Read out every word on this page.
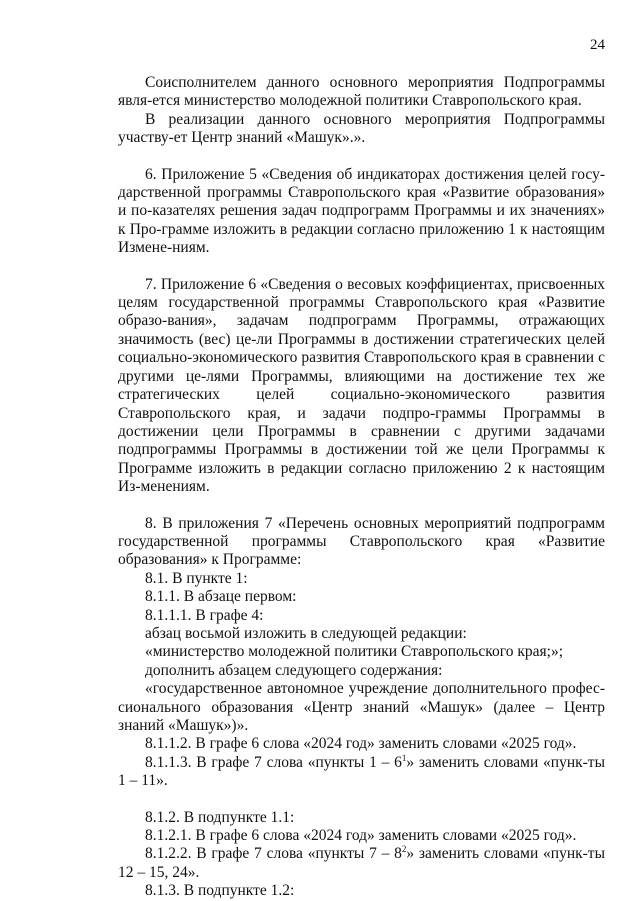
24

Соисполнителем данного основного мероприятия Подпрограммы явля-ется министерство молодежной политики Ставропольского края.

В реализации данного основного мероприятия Подпрограммы участву-ет Центр знаний «Машук».».

6. Приложение 5 «Сведения об индикаторах достижения целей госу-дарственной программы Ставропольского края «Развитие образования» и по-казателях решения задач подпрограмм Программы и их значениях» к Про-грамме изложить в редакции согласно приложению 1 к настоящим Измене-ниям.

7. Приложение 6 «Сведения о весовых коэффициентах, присвоенных целям государственной программы Ставропольского края «Развитие образо-вания», задачам подпрограмм Программы, отражающих значимость (вес) це-ли Программы в достижении стратегических целей социально-экономического развития Ставропольского края в сравнении с другими це-лями Программы, влияющими на достижение тех же стратегических целей социально-экономического развития Ставропольского края, и задачи подпро-граммы Программы в достижении цели Программы в сравнении с другими задачами подпрограммы Программы в достижении той же цели Программы к Программе изложить в редакции согласно приложению 2 к настоящим Из-менениям.

8. В приложения 7 «Перечень основных мероприятий подпрограмм государственной программы Ставропольского края «Развитие образования» к Программе:

8.1. В пункте 1:

8.1.1. В абзаце первом:

8.1.1.1. В графе 4:

абзац восьмой изложить в следующей редакции:

«министерство молодежной политики Ставропольского края;»;

дополнить абзацем следующего содержания:

«государственное автономное учреждение дополнительного профес-сионального образования «Центр знаний «Машук» (далее – Центр знаний «Машук»)».

8.1.1.2. В графе 6 слова «2024 год» заменить словами «2025 год».

8.1.1.3. В графе 7 слова «пункты $1 - 6^1$» заменить словами «пунк-ты 1 – 11».

8.1.2. В подпункте 1.1:

8.1.2.1. В графе 6 слова «2024 год» заменить словами «2025 год».

8.1.2.2. В графе 7 слова «пункты $7 - 8^2$» заменить словами «пунк-ты 12 – 15, 24».

8.1.3. В подпункте 1.2:
